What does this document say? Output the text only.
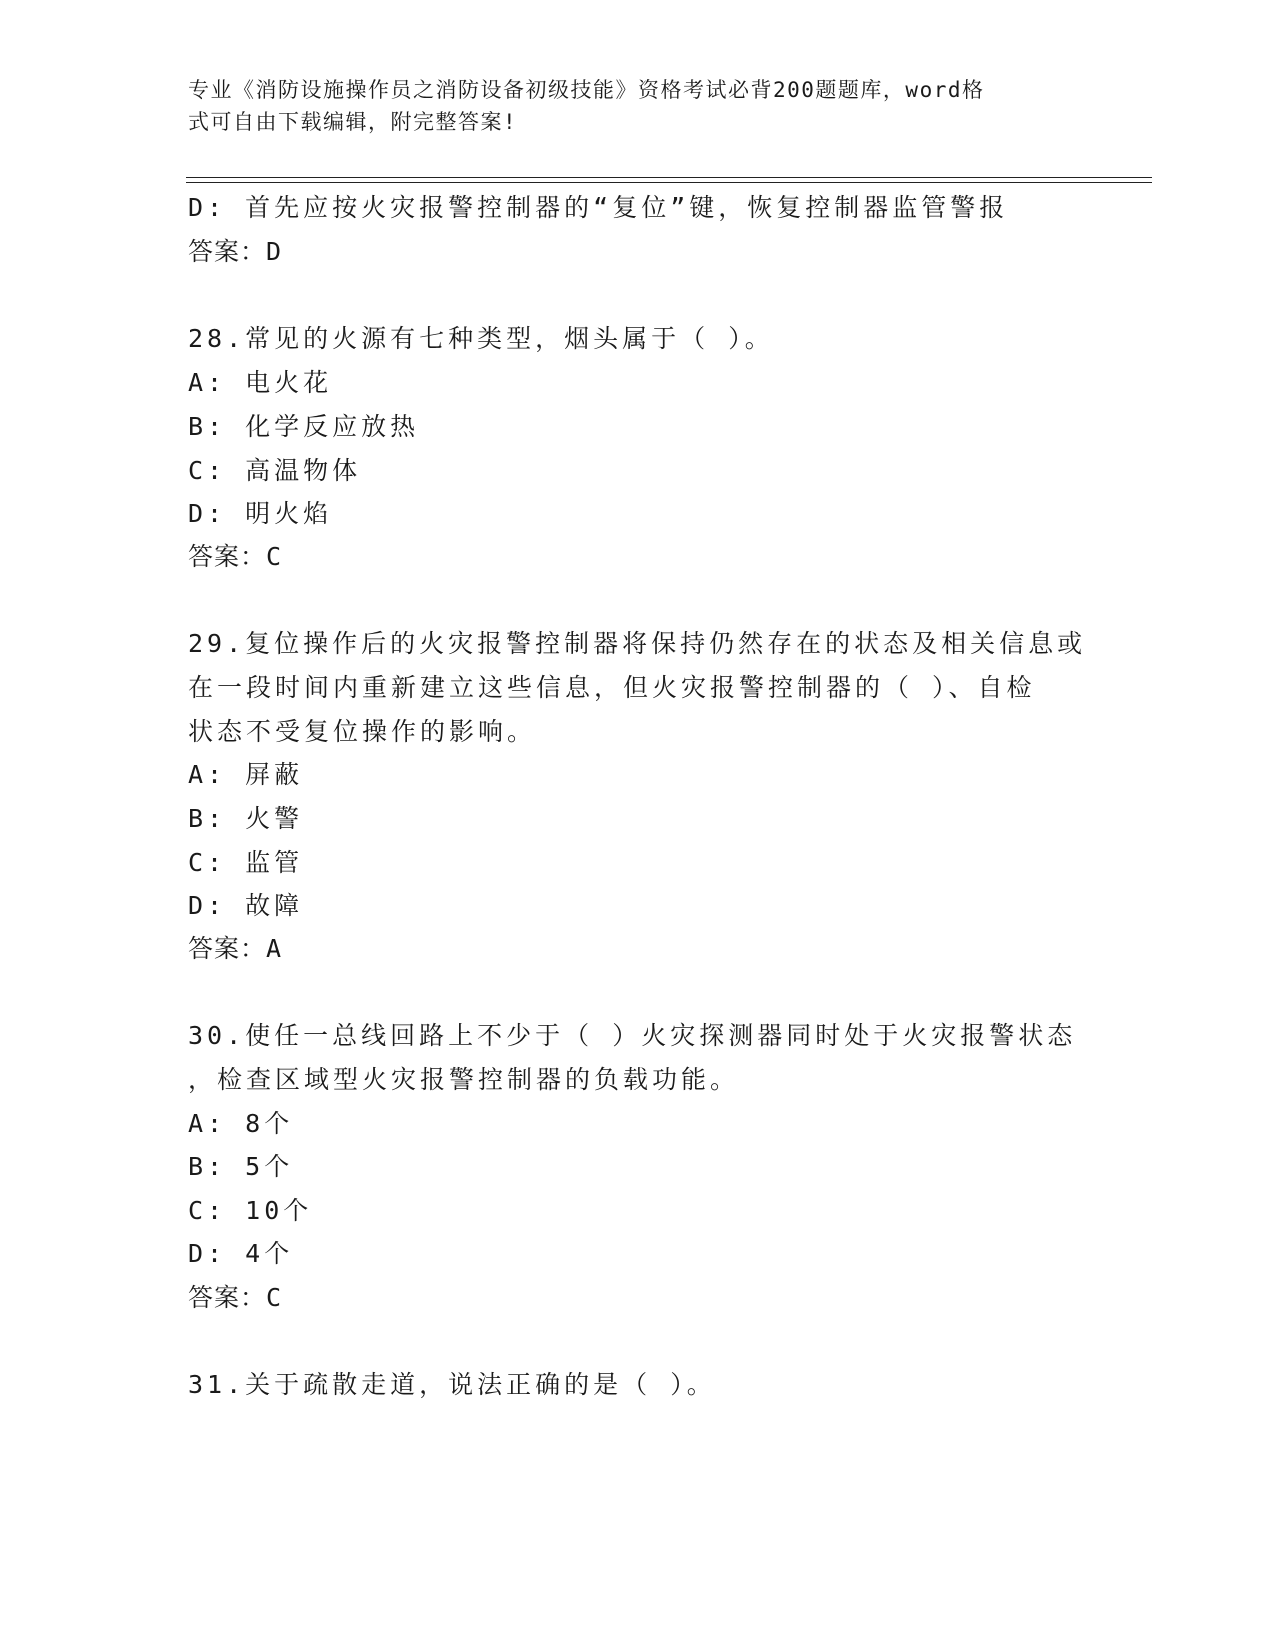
专业《消防设施操作员之消防设备初级技能》资格考试必背200题题库，word格
式可自由下载编辑，附完整答案!
D: 首先应按火灾报警控制器的“复位”键，恢复控制器监管警报
答案：D
28.常见的火源有七种类型，烟头属于（ ）。
A: 电火花
B: 化学反应放热
C: 高温物体
D: 明火焰
答案：C
29.复位操作后的火灾报警控制器将保持仍然存在的状态及相关信息或
在一段时间内重新建立这些信息，但火灾报警控制器的（ ）、自检
状态不受复位操作的影响。
A: 屏蔽
B: 火警
C: 监管
D: 故障
答案：A
30.使任一总线回路上不少于（ ）火灾探测器同时处于火灾报警状态
，检查区域型火灾报警控制器的负载功能。
A: 8个
B: 5个
C: 10个
D: 4个
答案：C
31.关于疏散走道，说法正确的是（ ）。
